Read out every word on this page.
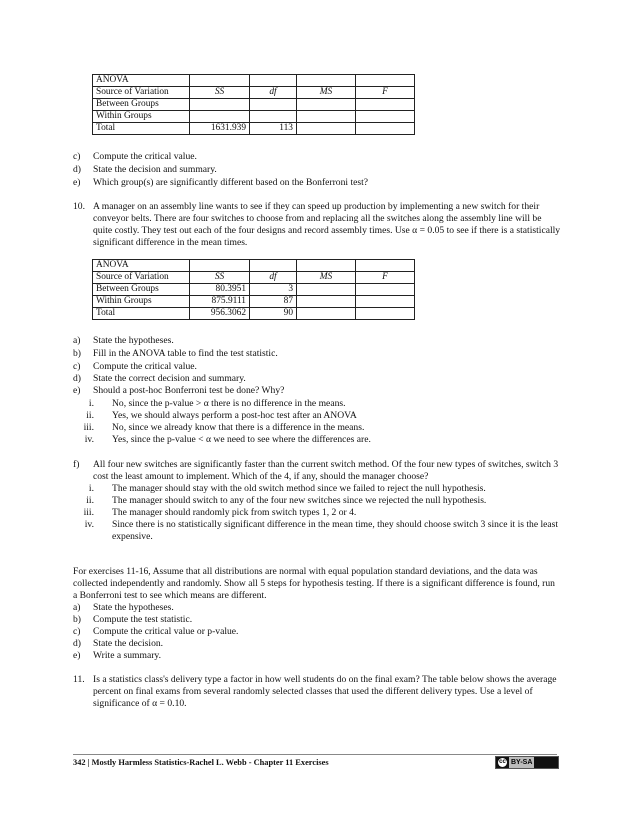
ANOVA				
Source of Variation	SS	df	MS	F
Between Groups				
Within Groups				
Total	1631.939	113		
c) Compute the critical value.
d) State the decision and summary.
e) Which group(s) are significantly different based on the Bonferroni test?
10. A manager on an assembly line wants to see if they can speed up production by implementing a new switch for their conveyor belts. There are four switches to choose from and replacing all the switches along the assembly line will be quite costly. They test out each of the four designs and record assembly times. Use α = 0.05 to see if there is a statistically significant difference in the mean times.
ANOVA				
Source of Variation	SS	df	MS	F
Between Groups	80.3951	3		
Within Groups	875.9111	87		
Total	956.3062	90		
a) State the hypotheses.
b) Fill in the ANOVA table to find the test statistic.
c) Compute the critical value.
d) State the correct decision and summary.
e) Should a post-hoc Bonferroni test be done? Why?
i. No, since the p-value > α there is no difference in the means.
ii. Yes, we should always perform a post-hoc test after an ANOVA
iii. No, since we already know that there is a difference in the means.
iv. Yes, since the p-value < α we need to see where the differences are.
f) All four new switches are significantly faster than the current switch method. Of the four new types of switches, switch 3 cost the least amount to implement. Which of the 4, if any, should the manager choose?
i. The manager should stay with the old switch method since we failed to reject the null hypothesis.
ii. The manager should switch to any of the four new switches since we rejected the null hypothesis.
iii. The manager should randomly pick from switch types 1, 2 or 4.
iv. Since there is no statistically significant difference in the mean time, they should choose switch 3 since it is the least expensive.
For exercises 11-16, Assume that all distributions are normal with equal population standard deviations, and the data was collected independently and randomly. Show all 5 steps for hypothesis testing. If there is a significant difference is found, run a Bonferroni test to see which means are different.
a) State the hypotheses.
b) Compute the test statistic.
c) Compute the critical value or p-value.
d) State the decision.
e) Write a summary.
11. Is a statistics class's delivery type a factor in how well students do on the final exam? The table below shows the average percent on final exams from several randomly selected classes that used the different delivery types. Use a level of significance of α = 0.10.
342 | Mostly Harmless Statistics-Rachel L. Webb - Chapter 11 Exercises	cc BY-SA
